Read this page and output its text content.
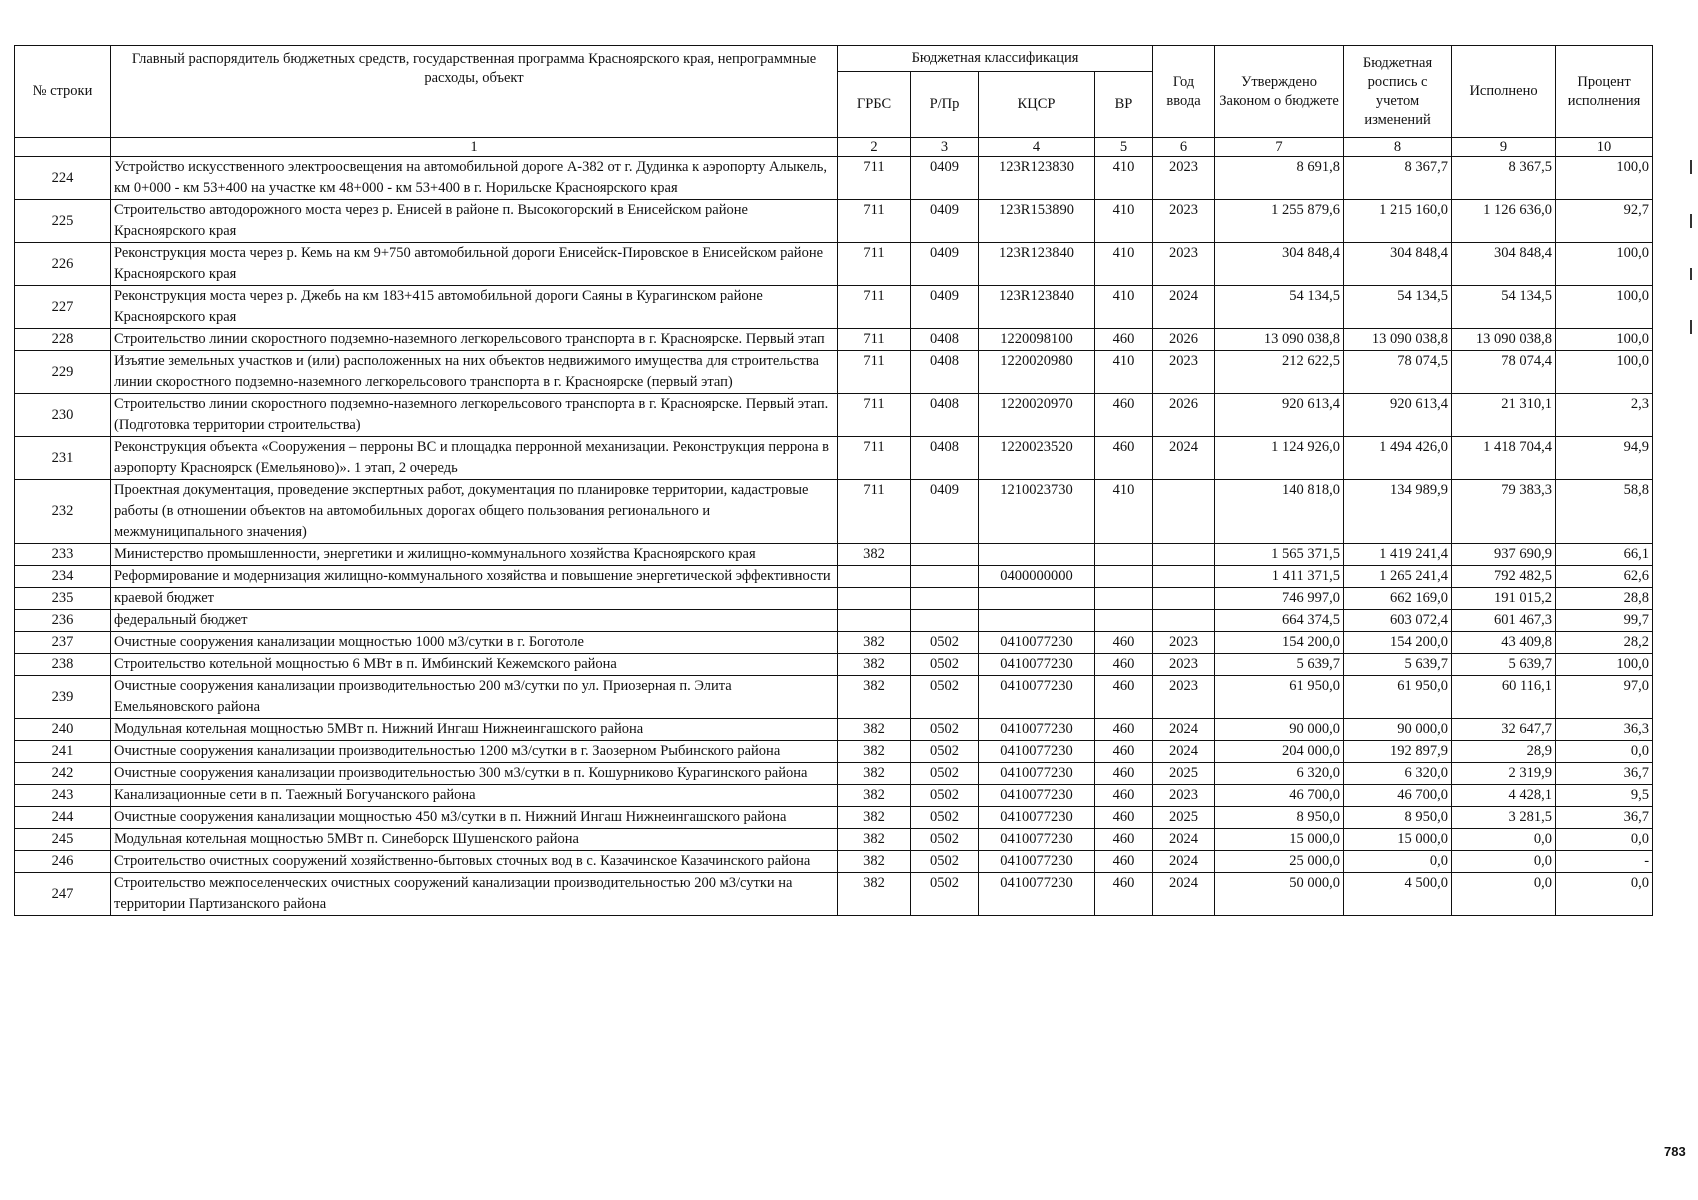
№ строки	Главный распорядитель бюджетных средств, государственная программа Красноярского края, непрограммные расходы, объект	Бюджетная классификация				Год ввода	Утверждено Законом о бюджете	Бюджетная роспись с учетом изменений	Исполнено	Процент исполнения
		ГРБС	Р/Пр	КЦСР	ВР					
	1	2	3	4	5	6	7	8	9	10
224	Устройство искусственного электроосвещения на автомобильной дороге А-382 от г. Дудинка к аэропорту Алыкель, км 0+000 - км 53+400 на участке км 48+000 - км 53+400 в г. Норильске Красноярского края	711	0409	123R123830	410	2023	8 691,8	8 367,7	8 367,5	100,0
225	Строительство автодорожного моста через р. Енисей в районе п. Высокогорский в Енисейском районе Красноярского края	711	0409	123R153890	410	2023	1 255 879,6	1 215 160,0	1 126 636,0	92,7
226	Реконструкция моста через р. Кемь на км 9+750 автомобильной дороги Енисейск-Пировское в Енисейском районе Красноярского края	711	0409	123R123840	410	2023	304 848,4	304 848,4	304 848,4	100,0
227	Реконструкция моста через р. Джебь на км 183+415 автомобильной дороги Саяны в Курагинском районе Красноярского края	711	0409	123R123840	410	2024	54 134,5	54 134,5	54 134,5	100,0
228	Строительство линии скоростного подземно-наземного легкорельсового транспорта в г. Красноярске. Первый этап	711	0408	1220098100	460	2026	13 090 038,8	13 090 038,8	13 090 038,8	100,0
229	Изъятие земельных участков и (или) расположенных на них объектов недвижимого имущества для строительства линии скоростного подземно-наземного легкорельсового транспорта в г. Красноярске (первый этап)	711	0408	1220020980	410	2023	212 622,5	78 074,5	78 074,4	100,0
230	Строительство линии скоростного подземно-наземного легкорельсового транспорта в г. Красноярске. Первый этап. (Подготовка территории строительства)	711	0408	1220020970	460	2026	920 613,4	920 613,4	21 310,1	2,3
231	Реконструкция объекта «Сооружения – перроны ВС и площадка перронной механизации. Реконструкция перрона в аэропорту Красноярск (Емельяново)». 1 этап, 2 очередь	711	0408	1220023520	460	2024	1 124 926,0	1 494 426,0	1 418 704,4	94,9
232	Проектная документация, проведение экспертных работ, документация по планировке территории, кадастровые работы (в отношении объектов на автомобильных дорогах общего пользования регионального и межмуниципального значения)	711	0409	1210023730	410		140 818,0	134 989,9	79 383,3	58,8
233	Министерство промышленности, энергетики и жилищно-коммунального хозяйства Красноярского края	382					1 565 371,5	1 419 241,4	937 690,9	66,1
234	Реформирование и модернизация жилищно-коммунального хозяйства и повышение энергетической эффективности			0400000000			1 411 371,5	1 265 241,4	792 482,5	62,6
235	краевой бюджет						746 997,0	662 169,0	191 015,2	28,8
236	федеральный бюджет						664 374,5	603 072,4	601 467,3	99,7
237	Очистные сооружения канализации мощностью 1000 м3/сутки в г. Боготоле	382	0502	0410077230	460	2023	154 200,0	154 200,0	43 409,8	28,2
238	Строительство котельной мощностью 6 МВт в п. Имбинский Кежемского района	382	0502	0410077230	460	2023	5 639,7	5 639,7	5 639,7	100,0
239	Очистные сооружения канализации производительностью 200 м3/сутки по ул. Приозерная п. Элита Емельяновского района	382	0502	0410077230	460	2023	61 950,0	61 950,0	60 116,1	97,0
240	Модульная котельная мощностью 5МВт п. Нижний Ингаш Нижнеингашского района	382	0502	0410077230	460	2024	90 000,0	90 000,0	32 647,7	36,3
241	Очистные сооружения канализации производительностью 1200 м3/сутки в г. Заозерном Рыбинского района	382	0502	0410077230	460	2024	204 000,0	192 897,9	28,9	0,0
242	Очистные сооружения канализации производительностью 300 м3/сутки в п. Кошурниково Курагинского района	382	0502	0410077230	460	2025	6 320,0	6 320,0	2 319,9	36,7
243	Канализационные сети в п. Таежный Богучанского района	382	0502	0410077230	460	2023	46 700,0	46 700,0	4 428,1	9,5
244	Очистные сооружения канализации мощностью 450 м3/сутки в п. Нижний Ингаш Нижнеингашского района	382	0502	0410077230	460	2025	8 950,0	8 950,0	3 281,5	36,7
245	Модульная котельная мощностью 5МВт п. Синеборск Шушенского района	382	0502	0410077230	460	2024	15 000,0	15 000,0	0,0	0,0
246	Строительство очистных сооружений хозяйственно-бытовых сточных вод в с. Казачинское Казачинского района	382	0502	0410077230	460	2024	25 000,0	0,0	0,0	-
247	Строительство межпоселенческих очистных сооружений канализации производительностью 200 м3/сутки на территории Партизанского района	382	0502	0410077230	460	2024	50 000,0	4 500,0	0,0	0,0
783
